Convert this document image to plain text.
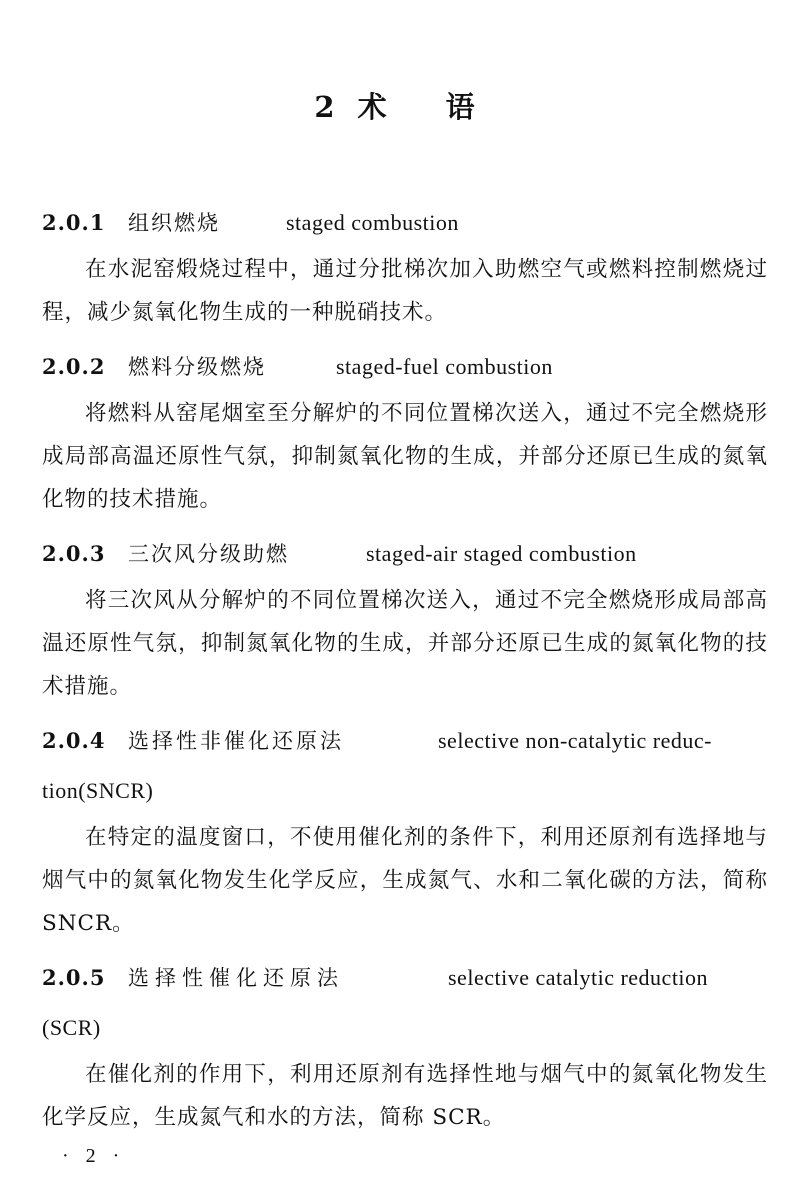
2 术 语
2.0.1 组织燃烧	staged combustion

在水泥窑煅烧过程中，通过分批梯次加入助燃空气或燃料控制燃烧过程，减少氮氧化物生成的一种脱硝技术。

2.0.2 燃料分级燃烧	staged-fuel combustion

将燃料从窑尾烟室至分解炉的不同位置梯次送入，通过不完全燃烧形成局部高温还原性气氛，抑制氮氧化物的生成，并部分还原已生成的氮氧化物的技术措施。

2.0.3 三次风分级助燃	staged-air staged combustion

将三次风从分解炉的不同位置梯次送入，通过不完全燃烧形成局部高温还原性气氛，抑制氮氧化物的生成，并部分还原已生成的氮氧化物的技术措施。

2.0.4 选择性非催化还原法	selective non-catalytic reduc-
tion(SNCR)

在特定的温度窗口，不使用催化剂的条件下，利用还原剂有选择地与烟气中的氮氧化物发生化学反应，生成氮气、水和二氧化碳的方法，简称 SNCR。

2.0.5 选择性催化还原法	selective catalytic reduction
(SCR)

在催化剂的作用下，利用还原剂有选择性地与烟气中的氮氧化物发生化学反应，生成氮气和水的方法，简称 SCR。

· 2 ·
